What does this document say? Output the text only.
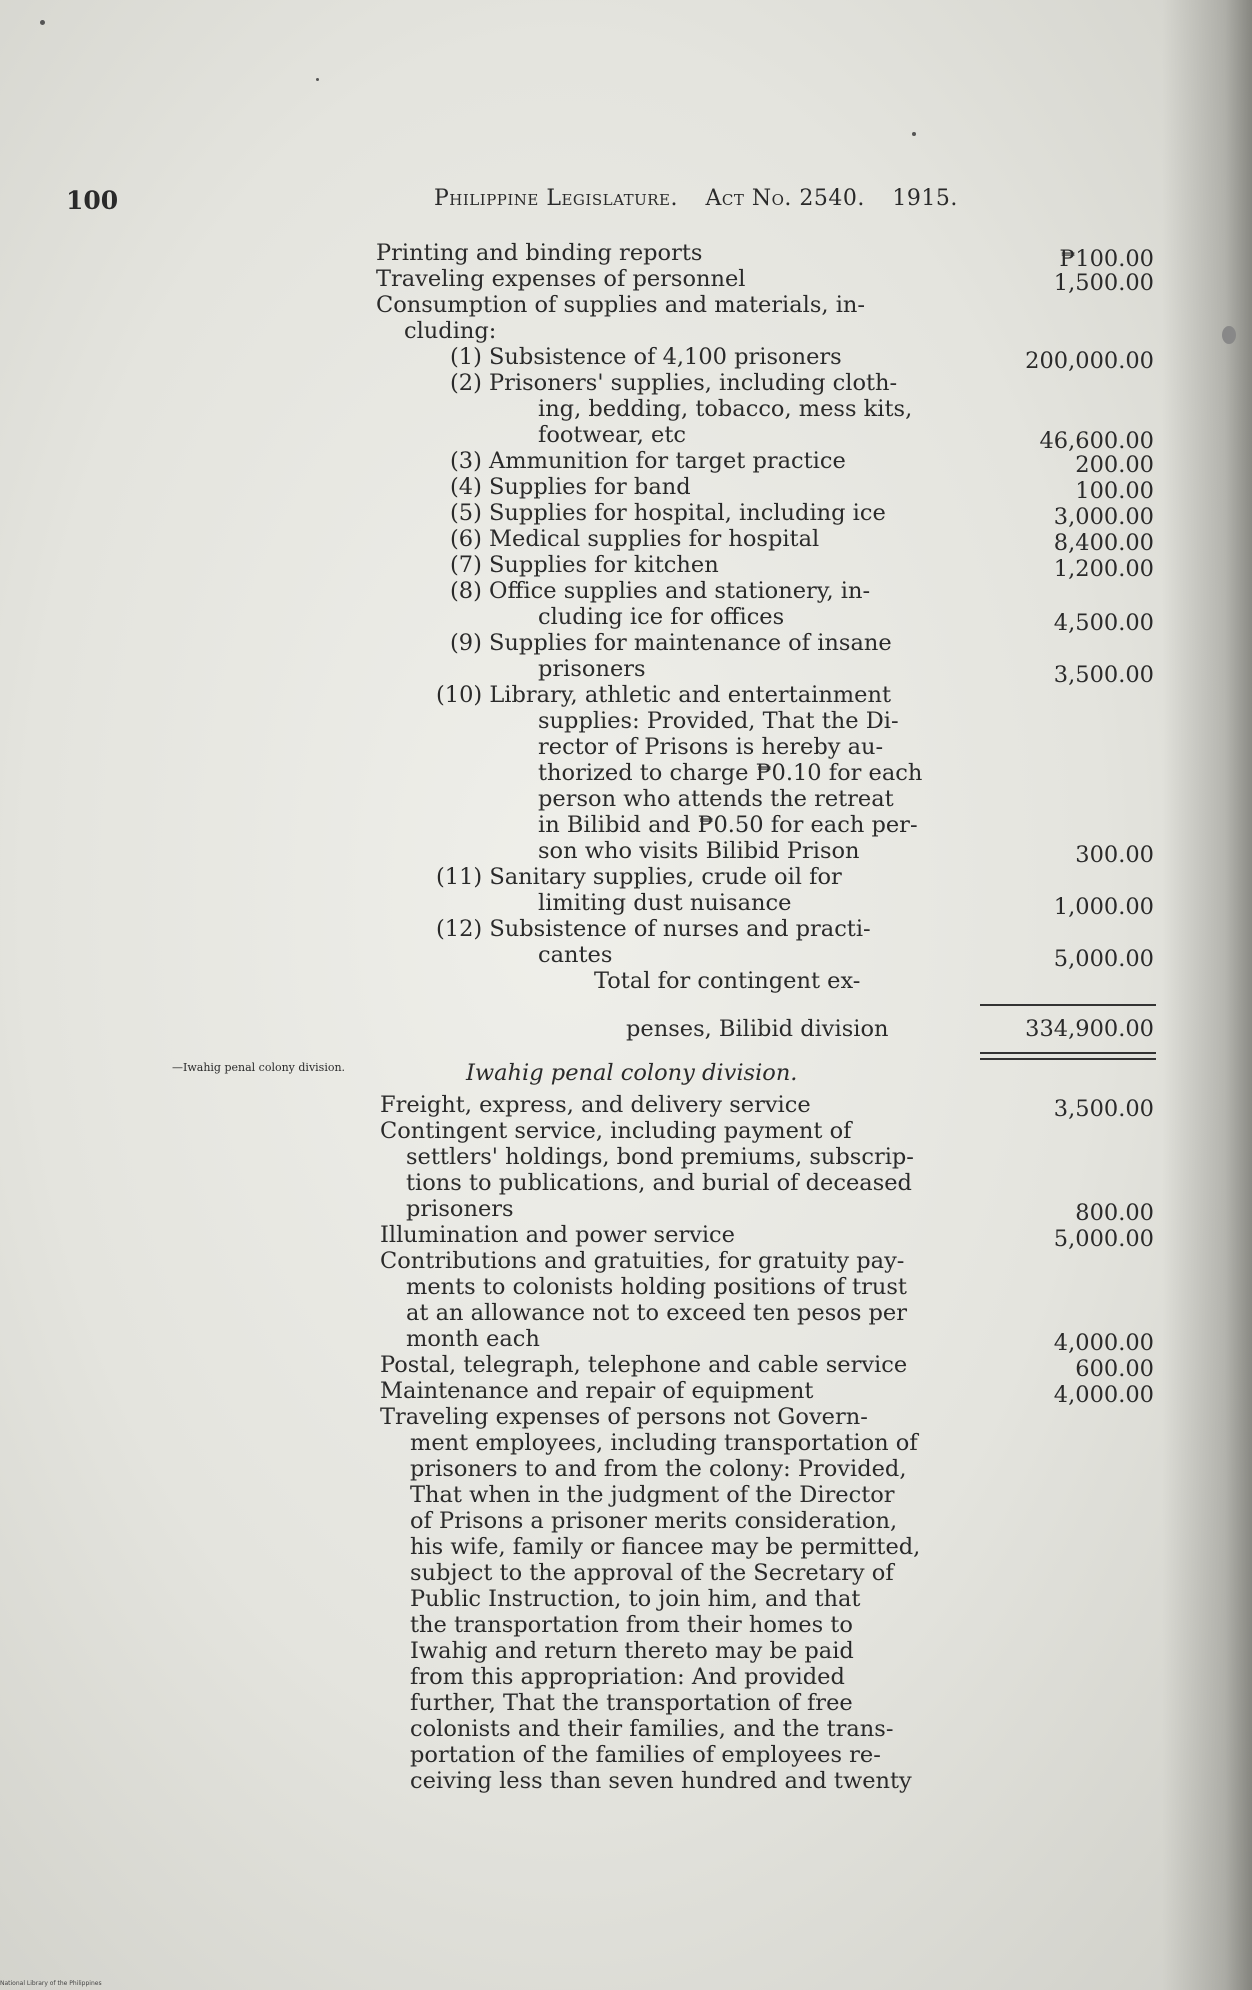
100	Philippine Legislature. Act No. 2540. 1915.
—Iwahig penal colony division.
Printing and binding reports	₱100.00
Traveling expenses of personnel	1,500.00
Consumption of supplies and materials, in-
cluding:
(1) Subsistence of 4,100 prisoners	200,000.00
(2) Prisoners' supplies, including cloth-
ing, bedding, tobacco, mess kits,
footwear, etc	46,600.00
(3) Ammunition for target practice	200.00
(4) Supplies for band	100.00
(5) Supplies for hospital, including ice	3,000.00
(6) Medical supplies for hospital	8,400.00
(7) Supplies for kitchen	1,200.00
(8) Office supplies and stationery, in-
cluding ice for offices	4,500.00
(9) Supplies for maintenance of insane
prisoners	3,500.00
(10) Library, athletic and entertainment
supplies: Provided, That the Di-
rector of Prisons is hereby au-
thorized to charge ₱0.10 for each
person who attends the retreat
in Bilibid and ₱0.50 for each per-
son who visits Bilibid Prison	300.00
(11) Sanitary supplies, crude oil for
limiting dust nuisance	1,000.00
(12) Subsistence of nurses and practi-
cantes	5,000.00
Total for contingent ex-
penses, Bilibid division	334,900.00
Iwahig penal colony division.
Freight, express, and delivery service	3,500.00
Contingent service, including payment of
settlers' holdings, bond premiums, subscrip-
tions to publications, and burial of deceased
prisoners	800.00
Illumination and power service	5,000.00
Contributions and gratuities, for gratuity pay-
ments to colonists holding positions of trust
at an allowance not to exceed ten pesos per
month each	4,000.00
Postal, telegraph, telephone and cable service	600.00
Maintenance and repair of equipment	4,000.00
Traveling expenses of persons not Govern-
ment employees, including transportation of
prisoners to and from the colony: Provided,
That when in the judgment of the Director
of Prisons a prisoner merits consideration,
his wife, family or fiancee may be permitted,
subject to the approval of the Secretary of
Public Instruction, to join him, and that
the transportation from their homes to
Iwahig and return thereto may be paid
from this appropriation: And provided
further, That the transportation of free
colonists and their families, and the trans-
portation of the families of employees re-
ceiving less than seven hundred and twenty
National Library of the Philippines
